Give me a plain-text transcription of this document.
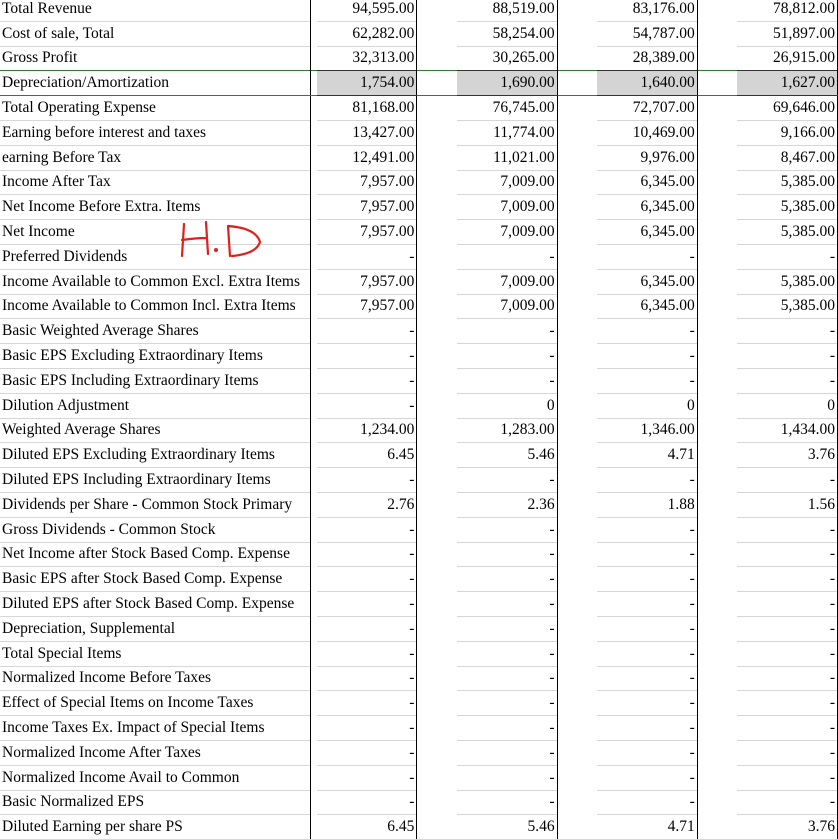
Total Revenue		94,595.00		88,519.00		83,176.00		78,812.00
Cost of sale, Total		62,282.00		58,254.00		54,787.00		51,897.00
Gross Profit		32,313.00		30,265.00		28,389.00		26,915.00
Depreciation/Amortization		1,754.00		1,690.00		1,640.00		1,627.00
Total Operating Expense		81,168.00		76,745.00		72,707.00		69,646.00
Earning before interest and taxes		13,427.00		11,774.00		10,469.00		9,166.00
earning Before Tax		12,491.00		11,021.00		9,976.00		8,467.00
Income After Tax		7,957.00		7,009.00		6,345.00		5,385.00
Net Income Before Extra. Items		7,957.00		7,009.00		6,345.00		5,385.00
Net Income		7,957.00		7,009.00		6,345.00		5,385.00
Preferred Dividends		-		-		-		-
Income Available to Common Excl. Extra Items		7,957.00		7,009.00		6,345.00		5,385.00
Income Available to Common Incl. Extra Items		7,957.00		7,009.00		6,345.00		5,385.00
Basic Weighted Average Shares		-		-		-		-
Basic EPS Excluding Extraordinary Items		-		-		-		-
Basic EPS Including Extraordinary Items		-		-		-		-
Dilution Adjustment		-		0		0		0
Weighted Average Shares		1,234.00		1,283.00		1,346.00		1,434.00
Diluted EPS Excluding Extraordinary Items		6.45		5.46		4.71		3.76
Diluted EPS Including Extraordinary Items		-		-		-		-
Dividends per Share - Common Stock Primary		2.76		2.36		1.88		1.56
Gross Dividends - Common Stock		-		-		-		-
Net Income after Stock Based Comp. Expense		-		-		-		-
Basic EPS after Stock Based Comp. Expense		-		-		-		-
Diluted EPS after Stock Based Comp. Expense		-		-		-		-
Depreciation, Supplemental		-		-		-		-
Total Special Items		-		-		-		-
Normalized Income Before Taxes		-		-		-		-
Effect of Special Items on Income Taxes		-		-		-		-
Income Taxes Ex. Impact of Special Items		-		-		-		-
Normalized Income After Taxes		-		-		-		-
Normalized Income Avail to Common		-		-		-		-
Basic Normalized EPS		-		-		-		-
Diluted Earning per share PS		6.45		5.46		4.71		3.76
